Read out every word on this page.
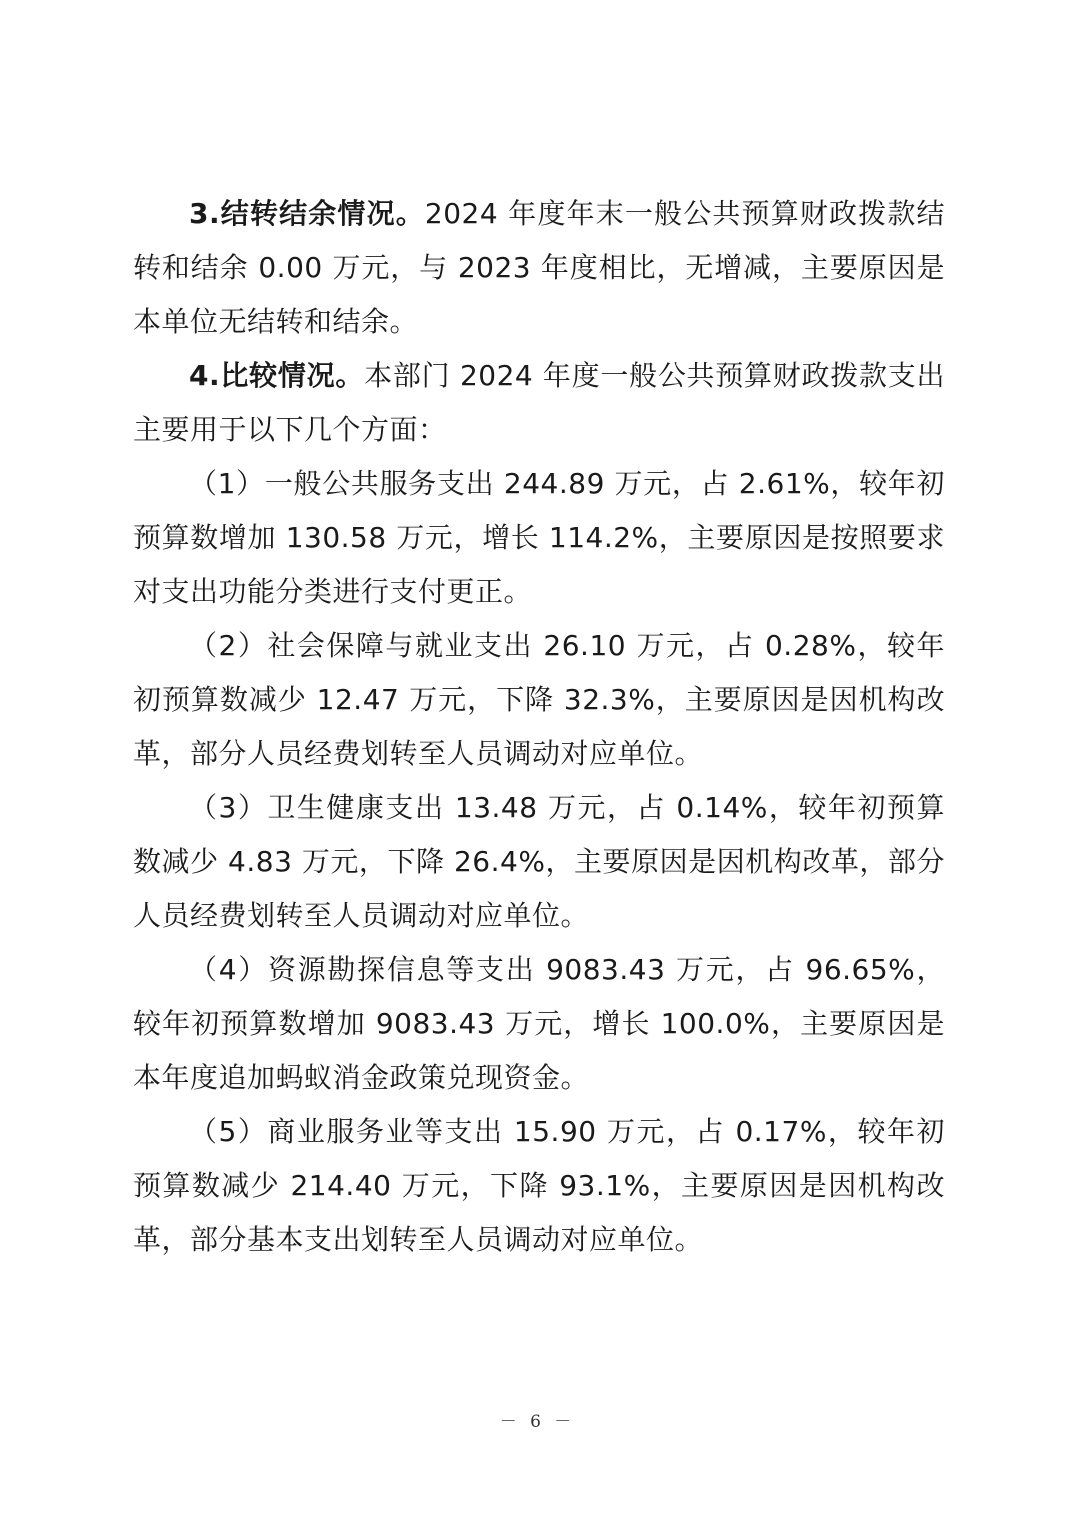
3.结转结余情况。2024 年度年末一般公共预算财政拨款结转和结余 0.00 万元，与 2023 年度相比，无增减，主要原因是本单位无结转和结余。

4.比较情况。本部门 2024 年度一般公共预算财政拨款支出主要用于以下几个方面：

（1）一般公共服务支出 244.89 万元，占 2.61%，较年初预算数增加 130.58 万元，增长 114.2%，主要原因是按照要求对支出功能分类进行支付更正。

（2）社会保障与就业支出 26.10 万元，占 0.28%，较年初预算数减少 12.47 万元，下降 32.3%，主要原因是因机构改革，部分人员经费划转至人员调动对应单位。

（3）卫生健康支出 13.48 万元，占 0.14%，较年初预算数减少 4.83 万元，下降 26.4%，主要原因是因机构改革，部分人员经费划转至人员调动对应单位。

（4）资源勘探信息等支出 9083.43 万元，占 96.65%，较年初预算数增加 9083.43 万元，增长 100.0%，主要原因是本年度追加蚂蚁消金政策兑现资金。

（5）商业服务业等支出 15.90 万元，占 0.17%，较年初预算数减少 214.40 万元，下降 93.1%，主要原因是因机构改革，部分基本支出划转至人员调动对应单位。

－ 6 －
